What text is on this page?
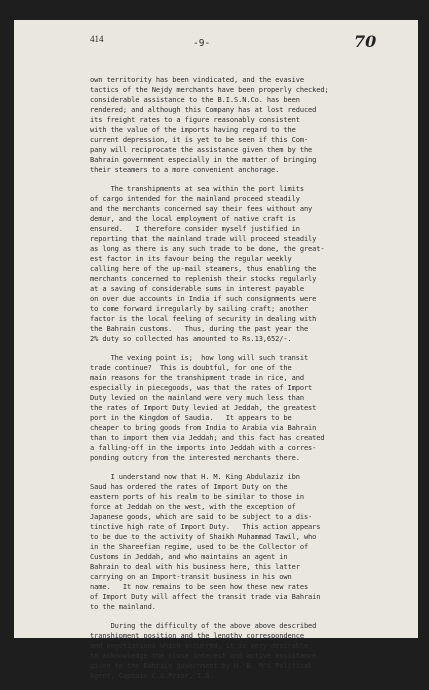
414	-9-	70
own territority has been vindicated, and the evasive
tactics of the Nejdy merchants have been properly checked;
considerable assistance to the B.I.S.N.Co. has been
rendered; and although this Company has at lost reduced
its freight rates to a figure reasonably consistent
with the value of the imports having regard to the
current depression, it is yet to be seen if this Com-
pany will reciprocate the assistance given them by the
Bahrain government especially in the matter of bringing
their steamers to a more convenient anchorage.
The transhipments at sea within the port limits
of cargo intended for the mainland proceed steadily
and the merchants concerned say their fees without any
demur, and the local employment of native craft is
ensured.   I therefore consider myself justified in
reporting that the mainland trade will proceed steadily
as long as there is any such trade to be done, the great-
est factor in its favour being the regular weekly
calling here of the up-mail steamers, thus enabling the
merchants concerned to replenish their stocks regularly
at a saving of considerable sums in interest payable
on over due accounts in India if such consignments were
to come forward irregularly by sailing craft; another
factor is the local feeling of security in dealing with
the Bahrain customs.   Thus, during the past year the
2% duty so collected has amounted to Rs.13,652/-.
The vexing point is;  how long will such transit
trade continue?  This is doubtful, for one of the
main reasons for the transhipment trade in rice, and
especially in piecegoods, was that the rates of Import
Duty levied on the mainland were very much less than
the rates of Import Duty levied at Jeddah, the greatest
port in the Kingdom of Saudia.   It appears to be
cheaper to bring goods from India to Arabia via Bahrain
than to import them via Jeddah; and this fact has created
a falling-off in the imports into Jeddah with a corres-
ponding outcry from the interested merchants there.
I understand now that H. M. King Abdulaziz ibn
Saud has ordered the rates of Import Duty on the
eastern ports of his realm to be similar to those in
force at Jeddah on the west, with the exception of
Japanese goods, which are said to be subject to a dis-
tinctive high rate of Import Duty.   This action appears
to be due to the activity of Shaikh Muhammad Tawil, who
in the Shareefian regime, used to be the Collector of
Customs in Jeddah, and who maintains an agent in
Bahrain to deal with his business here, this latter
carrying on an Import-transit business in his own
name.   It now remains to be seen how these new rates
of Import Duty will affect the transit trade via Bahrain
to the mainland.
During the difficulty of the above above described
transhipment position and the lengthy correspondence
and negotiations which occurred, it is very desirable
to acknowledge the close interest and active assistance
given to the Bahrain government by H. B. M's Political
Agent, Captain C.G.Prior, I.A.
